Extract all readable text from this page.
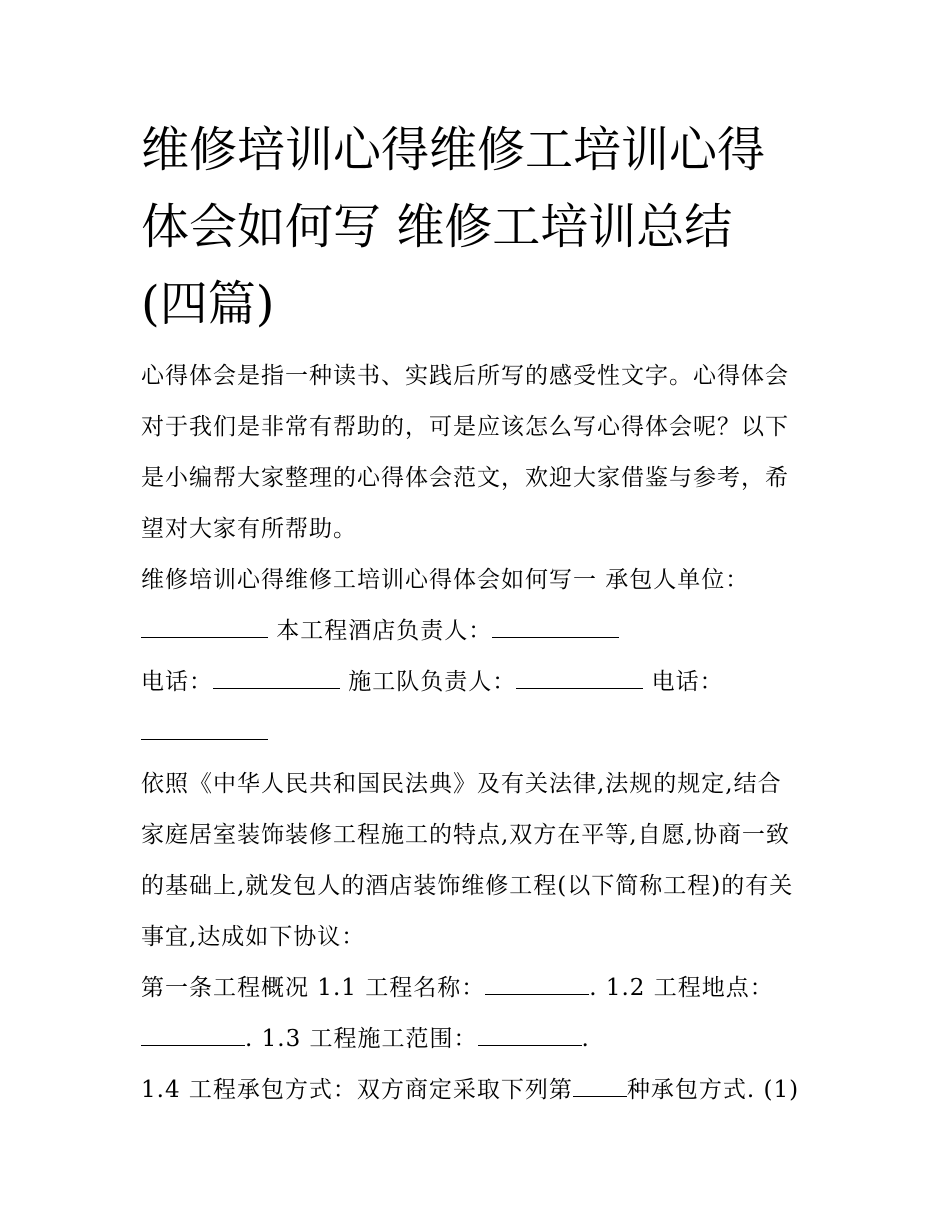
维修培训心得维修工培训心得
体会如何写 维修工培训总结
(四篇)

心得体会是指一种读书、实践后所写的感受性文字。心得体会
对于我们是非常有帮助的，可是应该怎么写心得体会呢？以下
是小编帮大家整理的心得体会范文，欢迎大家借鉴与参考，希
望对大家有所帮助。

维修培训心得维修工培训心得体会如何写一 承包人单位：
本工程酒店负责人：
电话：	施工队负责人：	电话：

依照《中华人民共和国民法典》及有关法律,法规的规定,结合
家庭居室装饰装修工程施工的特点,双方在平等,自愿,协商一致
的基础上,就发包人的酒店装饰维修工程(以下简称工程)的有关
事宜,达成如下协议：

第一条工程概况 1.1 工程名称：	. 1.2 工程地点：
. 1.3 工程施工范围：	.
1.4 工程承包方式：双方商定采取下列第 种承包方式. (1)
